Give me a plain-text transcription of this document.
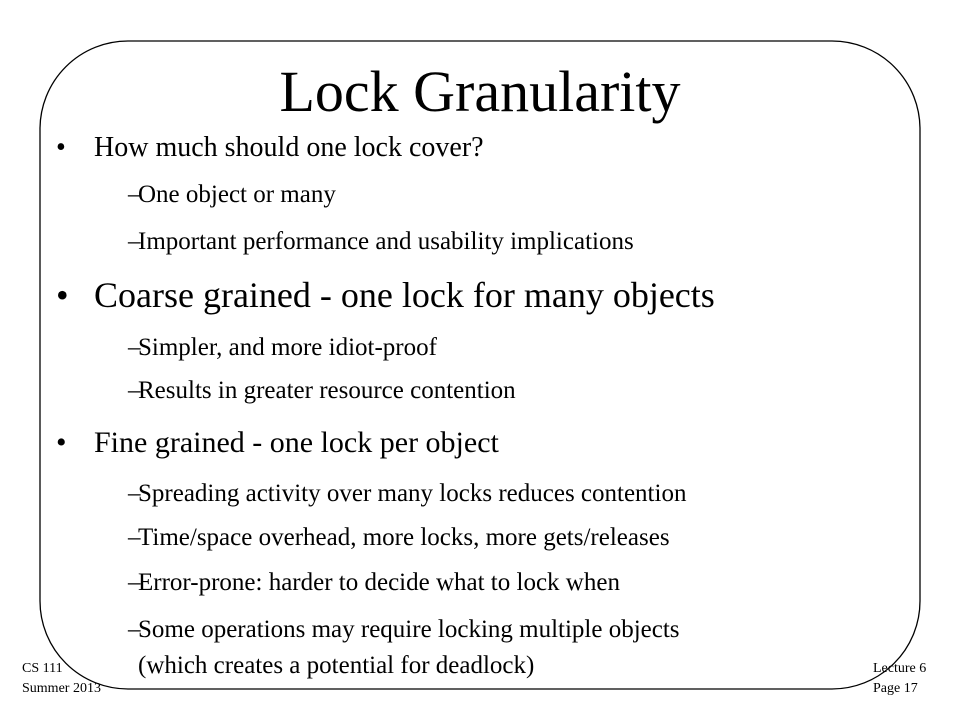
Lock Granularity
•	How much should one lock cover?
–
One object or many
–
Important performance and usability implications
• Coarse grained - one lock for many objects
–
Simpler, and more idiot-proof
–
Results in greater resource contention
• Fine grained - one lock per object
–
Spreading activity over many locks reduces contention
–
Time/space overhead, more locks, more gets/releases
–
Error-prone: harder to decide what to lock when
–
Some operations may require locking multiple objects
(which creates a potential for deadlock)
CS 111
Summer 2013
Lecture 6
Page 17
